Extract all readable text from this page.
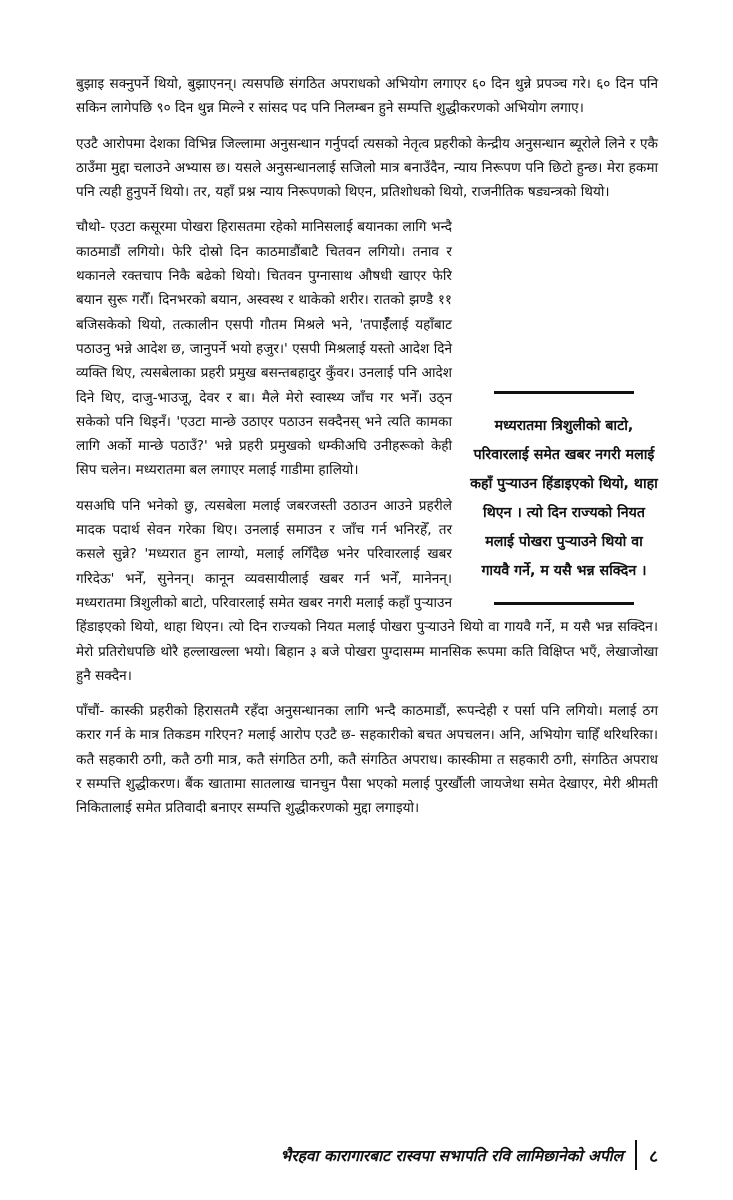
बुझाइ सक्नुपर्ने थियो, बुझाएनन्। त्यसपछि संगठित अपराधको अभियोग लगाएर ६० दिन थुन्ने प्रपञ्च गरे। ६० दिन पनि सकिन लागेपछि ९० दिन थुन्न मिल्ने र सांसद पद पनि निलम्बन हुने सम्पत्ति शुद्धीकरणको अभियोग लगाए।

एउटै आरोपमा देशका विभिन्न जिल्लामा अनुसन्धान गर्नुपर्दा त्यसको नेतृत्व प्रहरीको केन्द्रीय अनुसन्धान ब्यूरोले लिने र एकै ठाउँमा मुद्दा चलाउने अभ्यास छ। यसले अनुसन्धानलाई सजिलो मात्र बनाउँदैन, न्याय निरूपण पनि छिटो हुन्छ। मेरा हकमा पनि त्यही हुनुपर्ने थियो। तर, यहाँ प्रश्न न्याय निरूपणको थिएन, प्रतिशोधको थियो, राजनीतिक षड्यन्त्रको थियो।

मध्यरातमा त्रिशुलीको बाटो, परिवारलाई समेत खबर नगरी मलाई कहाँ पुऱ्याउन हिंडाइएको थियो, थाहा थिएन । त्यो दिन राज्यको नियत मलाई पोखरा पुऱ्याउने थियो वा गायवै गर्ने, म यसै भन्न सक्दिन ।

चौथो- एउटा कसूरमा पोखरा हिरासतमा रहेको मानिसलाई बयानका लागि भन्दै काठमाडौं लगियो। फेरि दोस्रो दिन काठमाडौंबाटै चितवन लगियो। तनाव र थकानले रक्तचाप निकै बढेको थियो। चितवन पुग्नासाथ औषधी खाएर फेरि बयान सुरू गरौँ। दिनभरको बयान, अस्वस्थ र थाकेको शरीर। रातको झण्डै ११ बजिसकेको थियो, तत्कालीन एसपी गौतम मिश्रले भने, 'तपाईँलाई यहाँबाट पठाउनु भन्ने आदेश छ, जानुपर्ने भयो हजुर।' एसपी मिश्रलाई यस्तो आदेश दिने व्यक्ति थिए, त्यसबेलाका प्रहरी प्रमुख बसन्तबहादुर कुँवर। उनलाई पनि आदेश दिने थिए, दाजु-भाउजू, देवर र बा। मैले मेरो स्वास्थ्य जाँच गर भनेँ। उठ्न सकेको पनि थिइनँ। 'एउटा मान्छे उठाएर पठाउन सक्दैनस् भने त्यति कामका लागि अर्को मान्छे पठाउँ?' भन्ने प्रहरी प्रमुखको धम्कीअघि उनीहरूको केही सिप चलेन। मध्यरातमा बल लगाएर मलाई गाडीमा हालियो।

यसअघि पनि भनेको छु, त्यसबेला मलाई जबरजस्ती उठाउन आउने प्रहरीले मादक पदार्थ सेवन गरेका थिए। उनलाई समाउन र जाँच गर्न भनिरहेँ, तर कसले सुन्ने? 'मध्यरात हुन लाग्यो, मलाई लगिँदैछ भनेर परिवारलाई खबर गरिदेऊ' भनेँ, सुनेनन्। कानून व्यवसायीलाई खबर गर्न भनेँ, मानेनन्। मध्यरातमा त्रिशुलीको बाटो, परिवारलाई समेत खबर नगरी मलाई कहाँ पुऱ्याउन हिंडाइएको थियो, थाहा थिएन। त्यो दिन राज्यको नियत मलाई पोखरा पुऱ्याउने थियो वा गायवै गर्ने, म यसै भन्न सक्दिन। मेरो प्रतिरोधपछि थोरै हल्लाखल्ला भयो। बिहान ३ बजे पोखरा पुग्दासम्म मानसिक रूपमा कति विक्षिप्त भएँ, लेखाजोखा हुनै सक्दैन।

पाँचौं- कास्की प्रहरीको हिरासतमै रहँदा अनुसन्धानका लागि भन्दै काठमाडौं, रूपन्देही र पर्सा पनि लगियो। मलाई ठग करार गर्न के मात्र तिकडम गरिएन? मलाई आरोप एउटै छ- सहकारीको बचत अपचलन। अनि, अभियोग चाहिँ थरिथरिका। कतै सहकारी ठगी, कतै ठगी मात्र, कतै संगठित ठगी, कतै संगठित अपराध। कास्कीमा त सहकारी ठगी, संगठित अपराध र सम्पत्ति शुद्धीकरण। बैंक खातामा सातलाख चानचुन पैसा भएको मलाई पुरर्खौली जायजेथा समेत देखाएर, मेरी श्रीमती निकितालाई समेत प्रतिवादी बनाएर सम्पत्ति शुद्धीकरणको मुद्दा लगाइयो।

भैरहवा कारागारबाट रास्वपा सभापति रवि लामिछानेको अपील ८
